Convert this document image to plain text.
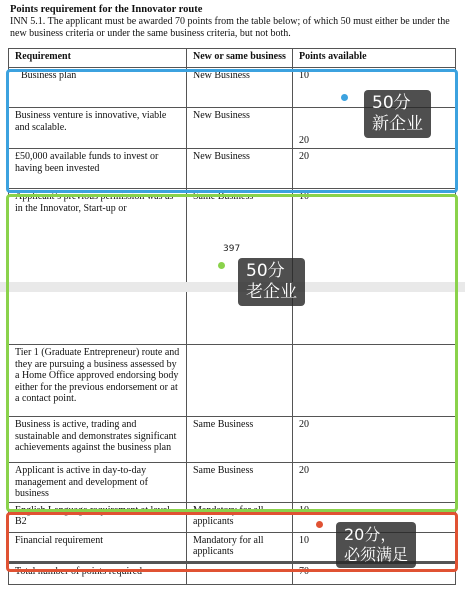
Points requirement for the Innovator route
INN 5.1. The applicant must be awarded 70 points from the table below; of which 50 must either be under the new business criteria or under the same business criteria, but not both.
Requirement	New or same business	Points available
Business plan	New Business	10
Business venture is innovative, viable and scalable.	New Business	20
£50,000 available funds to invest or having been invested	New Business	20
Applicant’s previous permission was as in the Innovator, Start-up or	Same Business	10
Tier 1 (Graduate Entrepreneur) route and they are pursuing a business assessed by a Home Office approved endorsing body either for the previous endorsement or at a contact point.		
Business is active, trading and sustainable and demonstrates significant achievements against the business plan	Same Business	20
Applicant is active in day-to-day management and development of business	Same Business	20
English Language requirement at level B2	Mandatory for all applicants	10
Financial requirement	Mandatory for all applicants	10
Total number of points required		70
397
50分
新企业
50分
老企业
20分，
必须满足
